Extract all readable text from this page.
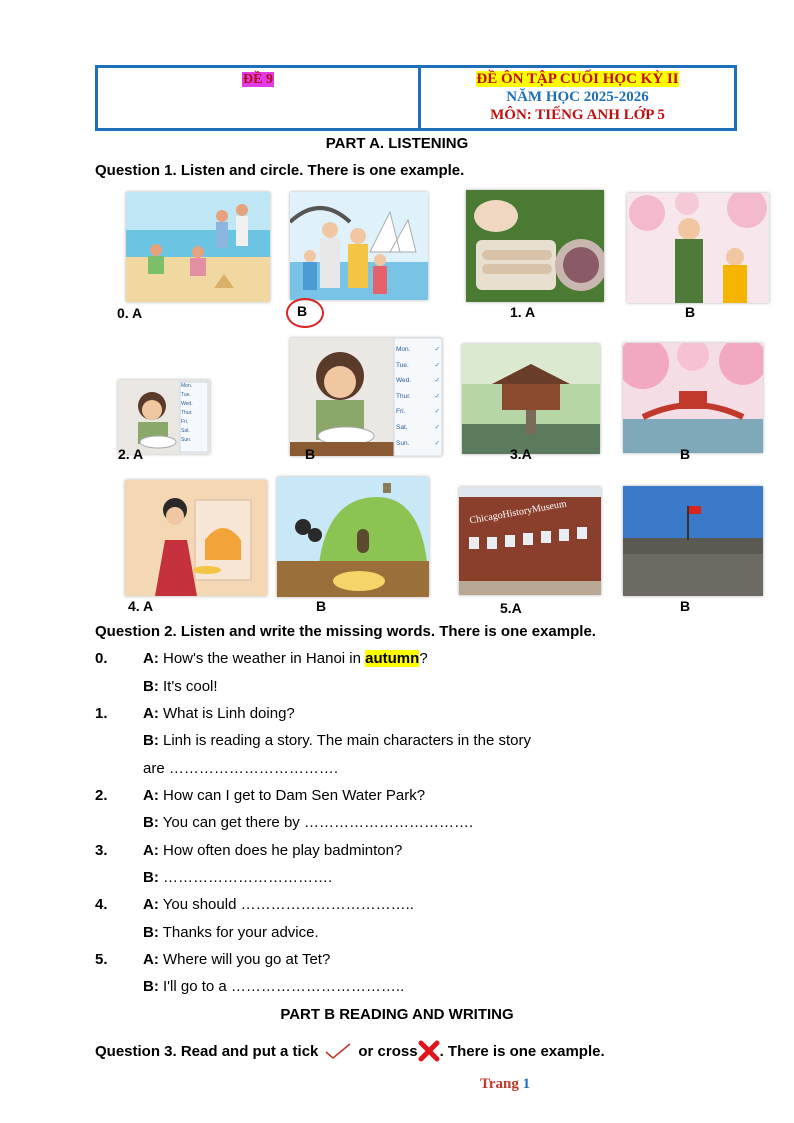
ĐỀ 9	ĐỀ ÔN TẬP CUỐI HỌC KỲ II
NĂM HỌC 2025-2026
MÔN: TIẾNG ANH LỚP 5
PART A. LISTENING
Question 1. Listen and circle. There is one example.
0. A	B	1. A	B
Mon.
Tue.
Wed.
Thur.
Fri.
Sat.
Sun.
Mon.	✓
Tue.	✓
Wed.	✓
Thur.	✓
Fri.	✓
Sat.	✓
Sun.	✓
2. A	B	3.A	B
ChicagoHistoryMuseum
4. A	B	5.A	B
Question 2. Listen and write the missing words. There is one example.
0. A: How's the weather in Hanoi in autumn?
B: It's cool!
1. A: What is Linh doing?
B: Linh is reading a story. The main characters in the story
are …………………………….
2. A: How can I get to Dam Sen Water Park?
B: You can get there by …………………………….
3. A: How often does he play badminton?
B: …………………………….
4. A: You should ……………………………..
B: Thanks for your advice.
5. A: Where will you go at Tet?
B: I'll go to a ……………………………..
PART B READING AND WRITING
Question 3. Read and put a tick	or cross . There is one example.
Trang 1
